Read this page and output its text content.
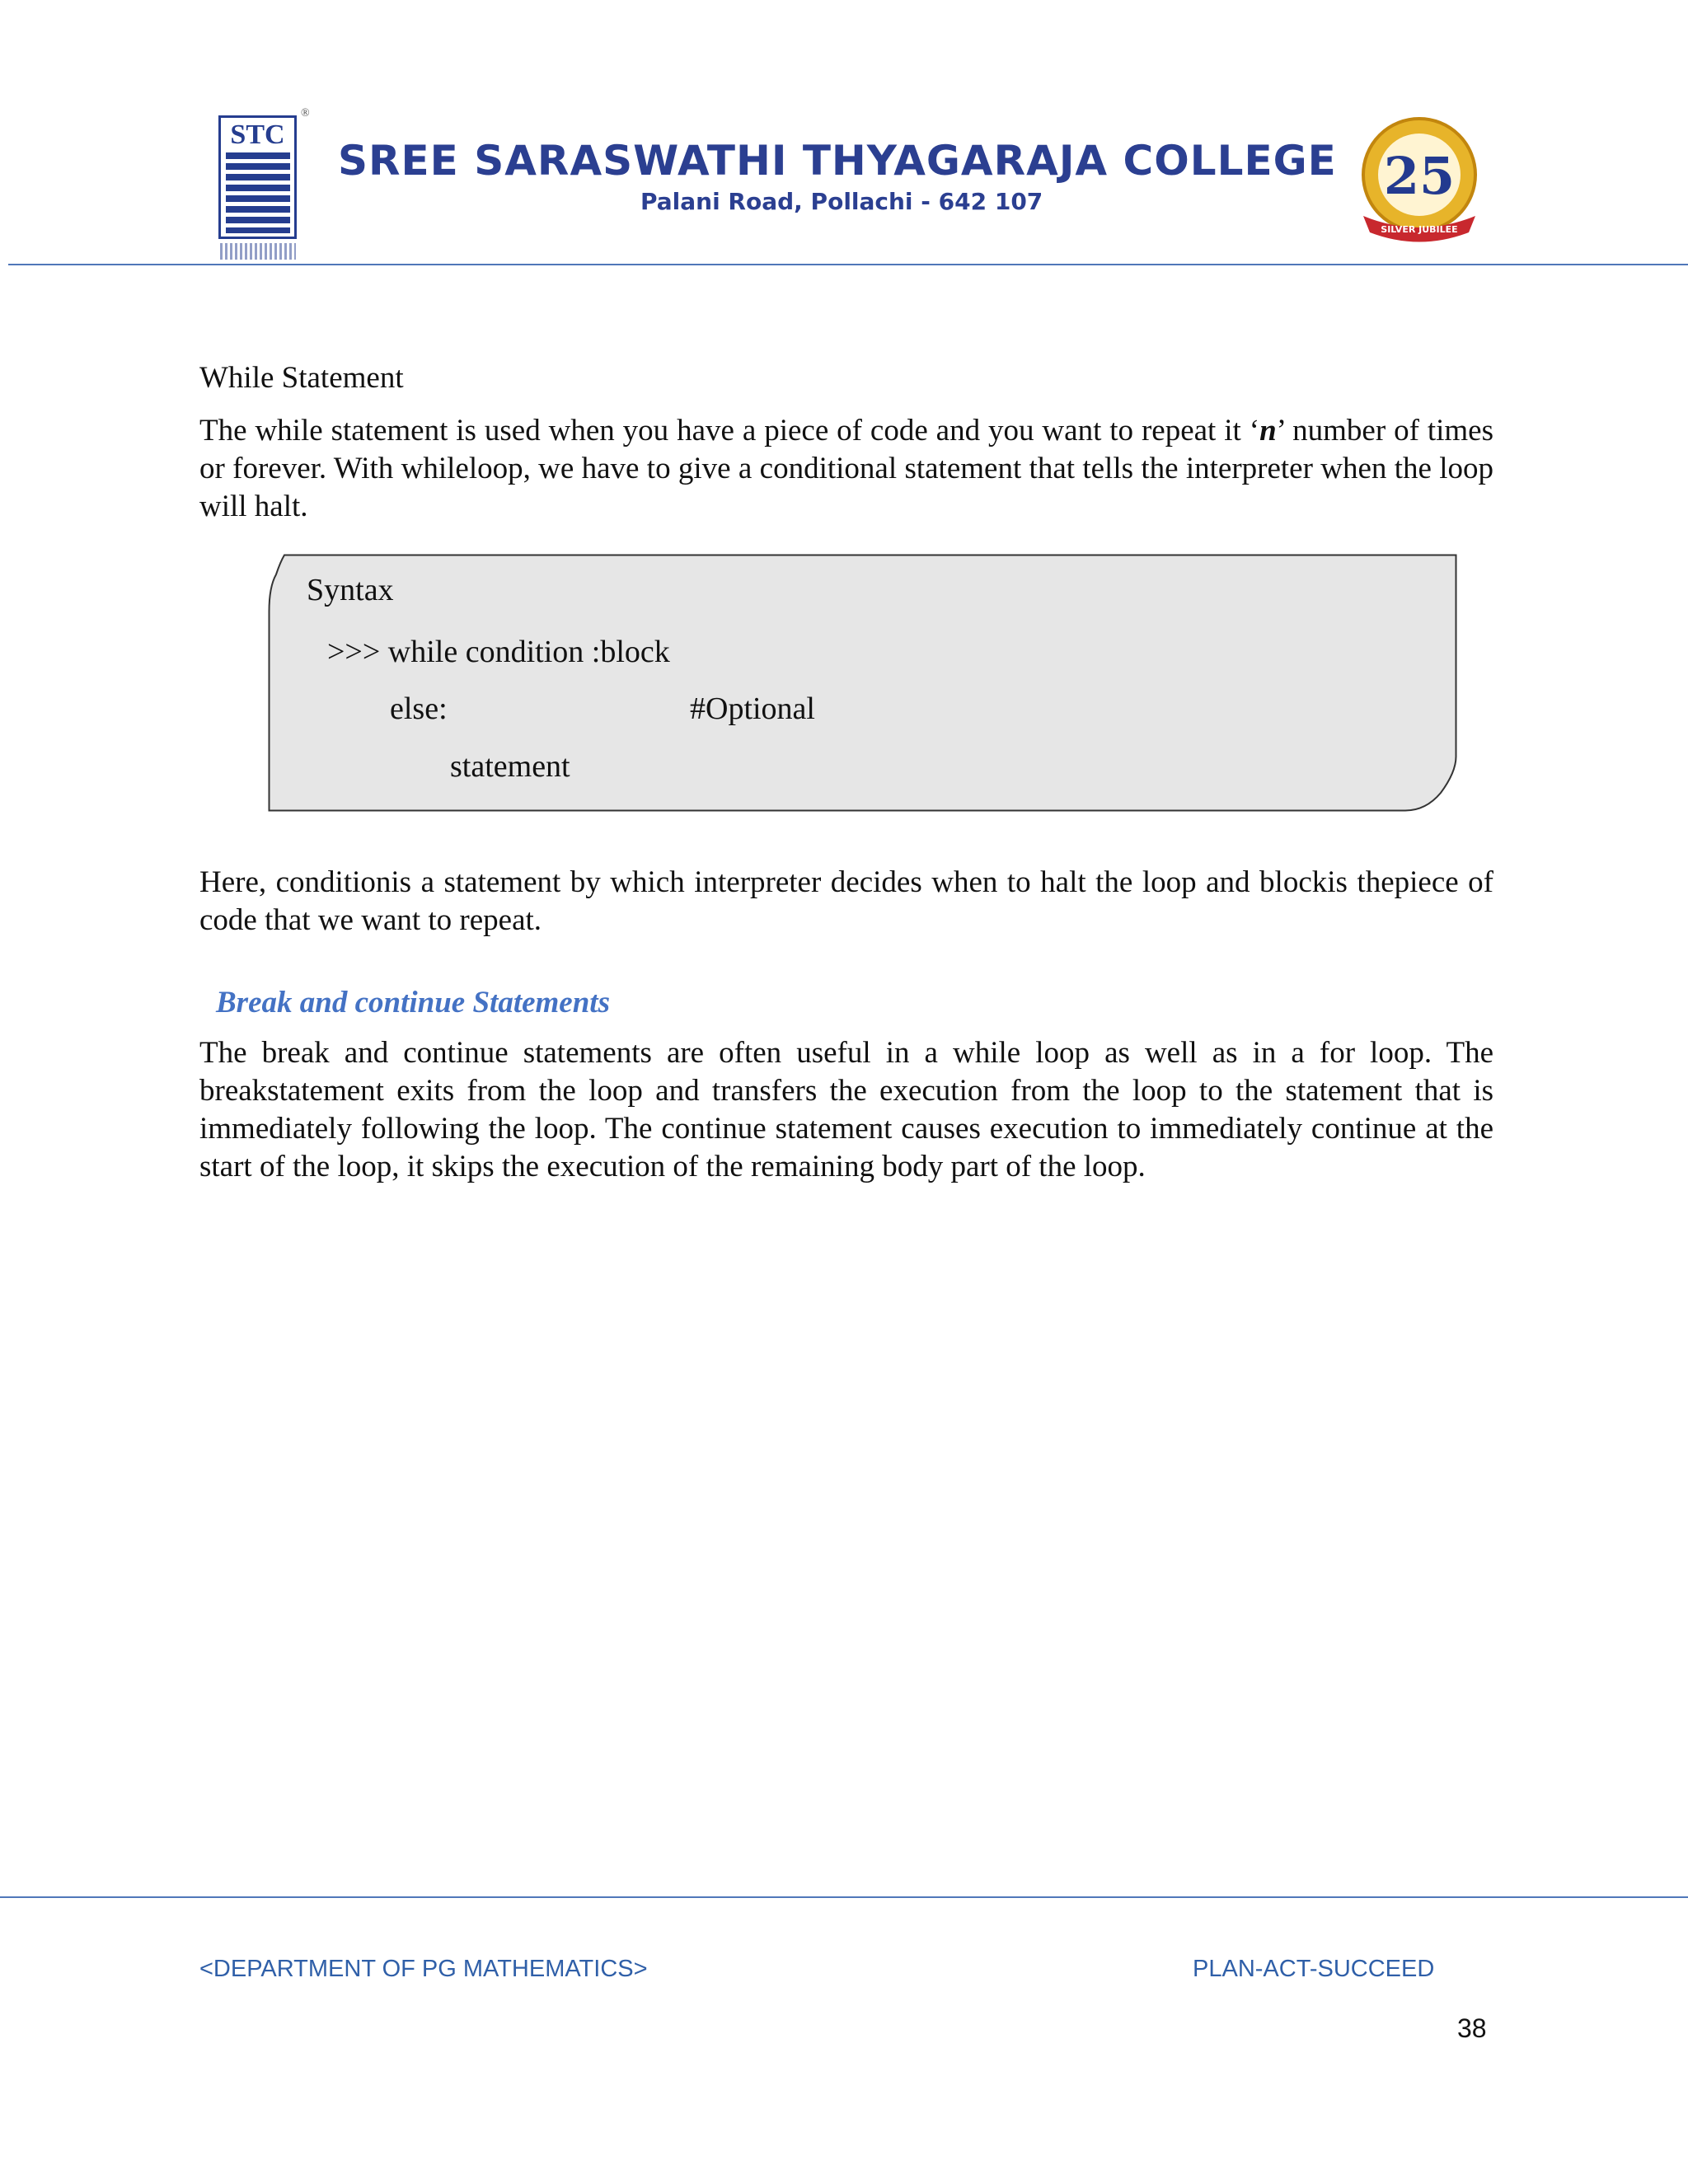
STC
®
SREE SARASWATHI THYAGARAJA COLLEGE
Palani Road, Pollachi - 642 107	25
SILVER JUBILEE
While Statement
The while statement is used when you have a piece of code and you want to repeat it ‘n’ number of times or forever. With whileloop, we have to give a conditional statement that tells the interpreter when the loop will halt.
Syntax
>>> while condition :block
else:	#Optional
statement
Here, conditionis a statement by which interpreter decides when to halt the loop and blockis thepiece of code that we want to repeat.
Break and continue Statements
The break and continue statements are often useful in a while loop as well as in a for loop. The breakstatement exits from the loop and transfers the execution from the loop to the statement that is immediately following the loop. The continue statement causes execution to immediately continue at the start of the loop, it skips the execution of the remaining body part of the loop.
<DEPARTMENT OF PG MATHEMATICS>	PLAN-ACT-SUCCEED
38
